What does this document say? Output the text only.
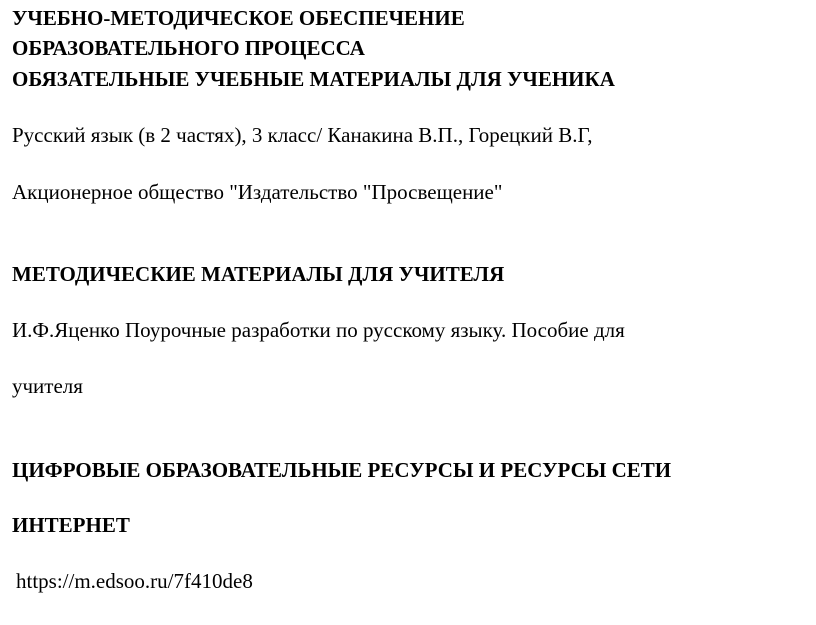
УЧЕБНО-МЕТОДИЧЕСКОЕ ОБЕСПЕЧЕНИЕ
ОБРАЗОВАТЕЛЬНОГО ПРОЦЕССА
ОБЯЗАТЕЛЬНЫЕ УЧЕБНЫЕ МАТЕРИАЛЫ ДЛЯ УЧЕНИКА
Русский язык (в 2 частях), 3 класс/ Канакина В.П., Горецкий В.Г,
Акционерное общество "Издательство "Просвещение"
МЕТОДИЧЕСКИЕ МАТЕРИАЛЫ ДЛЯ УЧИТЕЛЯ
И.Ф.Яценко Поурочные разработки по русскому языку. Пособие для
учителя
ЦИФРОВЫЕ ОБРАЗОВАТЕЛЬНЫЕ РЕСУРСЫ И РЕСУРСЫ СЕТИ
ИНТЕРНЕТ
https://m.edsoo.ru/7f410de8
